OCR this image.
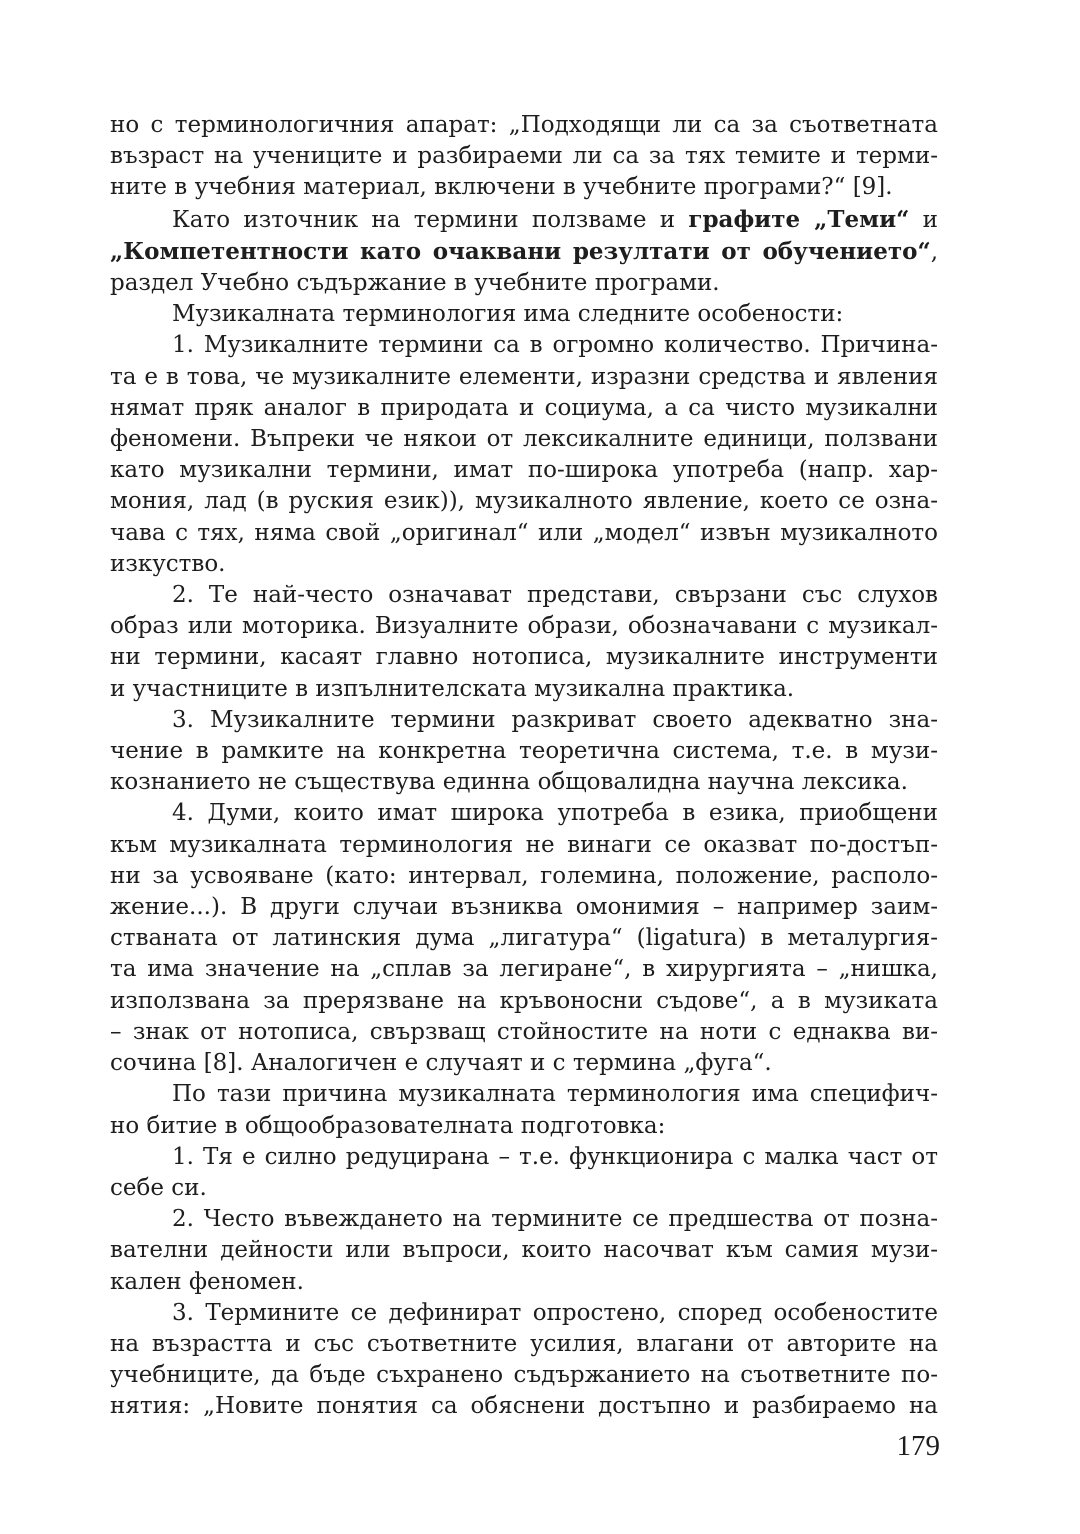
но с терминологичния апарат: „Подходящи ли са за съответната

възраст на учениците и разбираеми ли са за тях темите и терми-

ните в учебния материал, включени в учебните програми?“ [9].

Като източник на термини ползваме и графите „Теми“ и

„Компетентности като очаквани резултати от обучението“,

раздел Учебно съдържание в учебните програми.

Музикалната терминология има следните особености:

1. Музикалните термини са в огромно количество. Причина-

та е в това, че музикалните елементи, изразни средства и явления

нямат пряк аналог в природата и социума, а са чисто музикални

феномени. Въпреки че някои от лексикалните единици, ползвани

като музикални термини, имат по-широка употреба (напр. хар-

мония, лад (в руския език)), музикалното явление, което се озна-

чава с тях, няма свой „оригинал“ или „модел“ извън музикалното

изкуство.

2. Те най-често означават представи, свързани със слухов

образ или моторика. Визуалните образи, обозначавани с музикал-

ни термини, касаят главно нотописа, музикалните инструменти

и участниците в изпълнителската музикална практика.

3. Музикалните термини разкриват своето адекватно зна-

чение в рамките на конкретна теоретична система, т.е. в музи-

кознанието не съществува единна общовалидна научна лексика.

4. Думи, които имат широка употреба в езика, приобщени

към музикалната терминология не винаги се оказват по-достъп-

ни за усвояване (като: интервал, големина, положение, располо-

жение...). В други случаи възниква омонимия – например заим-

стваната от латинския дума „лигатура“ (ligatura) в металургия-

та има значение на „сплав за легиране“, в хирургията – „нишка,

използвана за прерязване на кръвоносни съдове“, а в музиката

– знак от нотописа, свързващ стойностите на ноти с еднаква ви-

сочина [8]. Аналогичен е случаят и с термина „фуга“.

По тази причина музикалната терминология има специфич-

но битие в общообразователната подготовка:

1. Тя е силно редуцирана – т.е. функционира с малка част от

себе си.

2. Често въвеждането на термините се предшества от позна-

вателни дейности или въпроси, които насочват към самия музи-

кален феномен.

3. Термините се дефинират опростено, според особеностите

на възрастта и със съответните усилия, влагани от авторите на

учебниците, да бъде съхранено съдържанието на съответните по-

нятия: „Новите понятия са обяснени достъпно и разбираемо на

179
